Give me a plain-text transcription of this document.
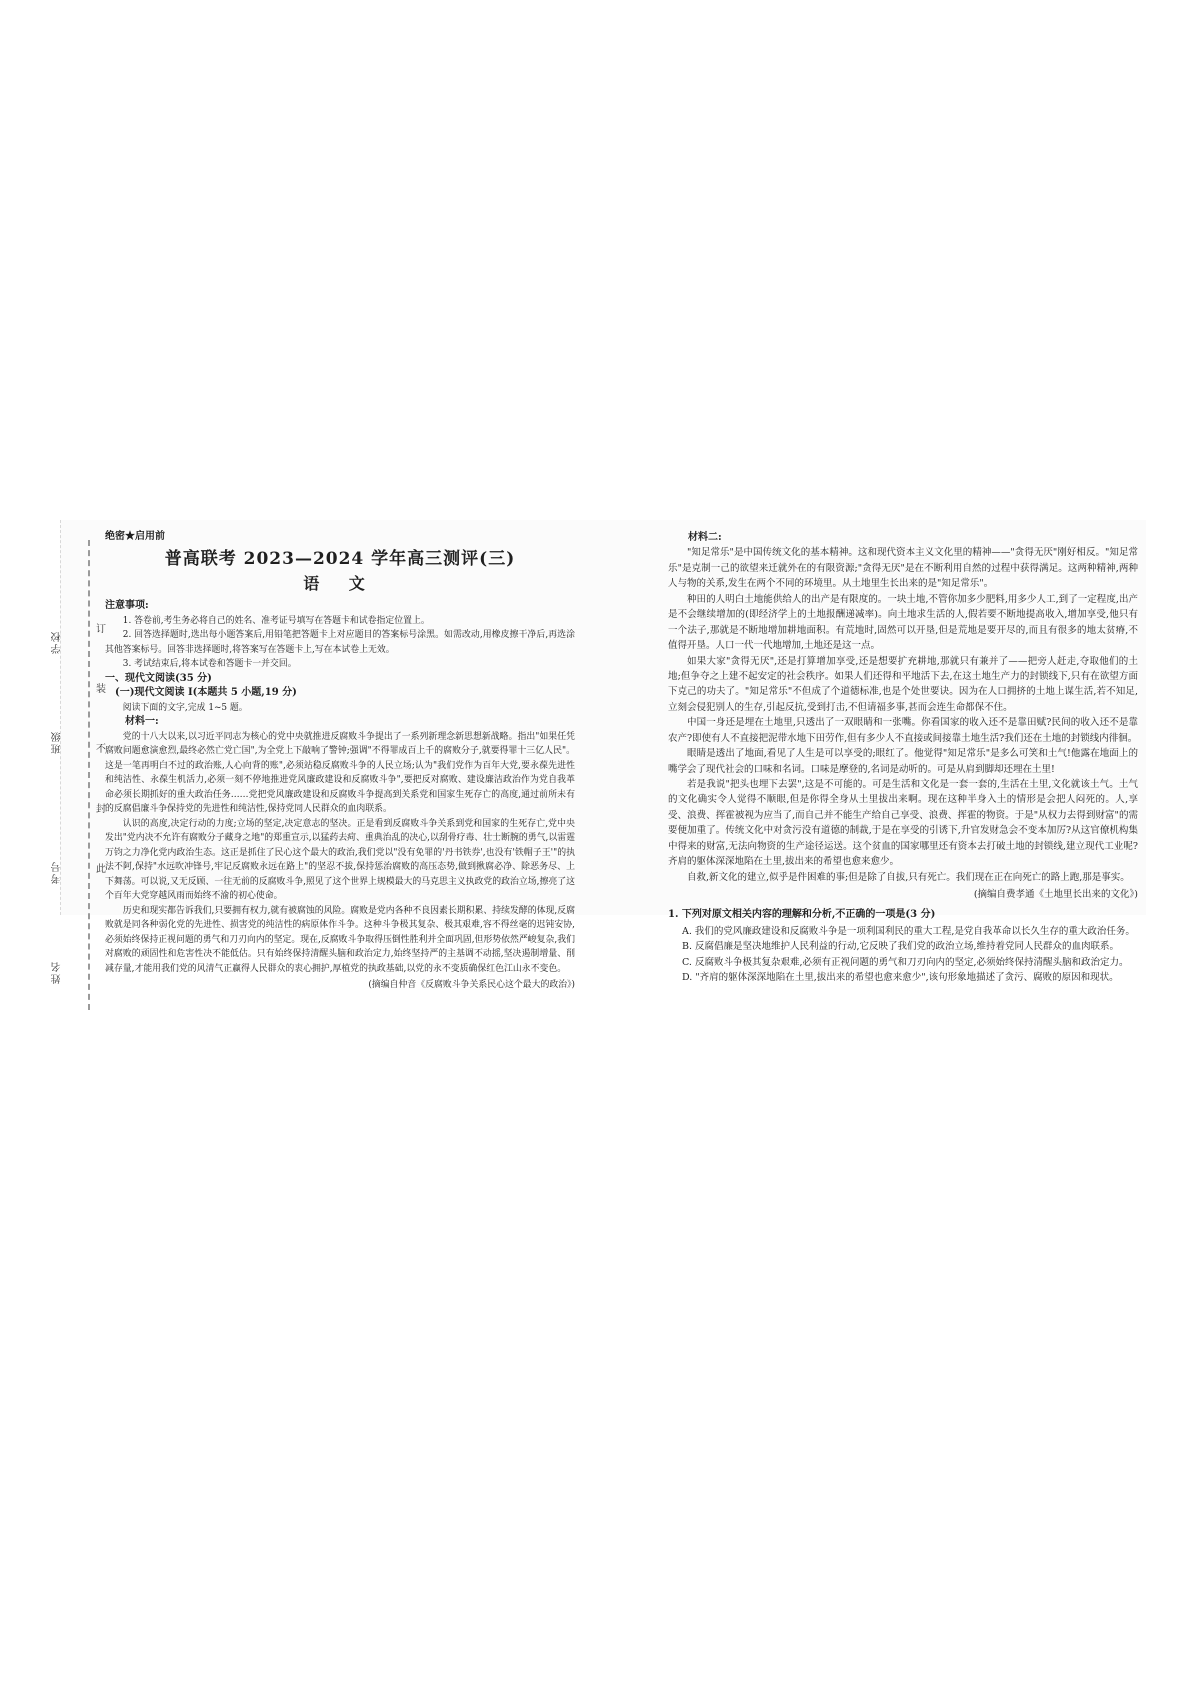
学校
班级
考号
姓名
订
装
不
封
此
绝密★启用前
普高联考 2023—2024 学年高三测评(三)
语 文
注意事项:

1. 答卷前,考生务必将自己的姓名、准考证号填写在答题卡和试卷指定位置上。

2. 回答选择题时,选出每小题答案后,用铅笔把答题卡上对应题目的答案标号涂黑。如需改动,用橡皮擦干净后,再选涂其他答案标号。回答非选择题时,将答案写在答题卡上,写在本试卷上无效。

3. 考试结束后,将本试卷和答题卡一并交回。

一、现代文阅读(35 分)
(一)现代文阅读 I(本题共 5 小题,19 分)

阅读下面的文字,完成 1~5 题。

材料一:

党的十八大以来,以习近平同志为核心的党中央就推进反腐败斗争提出了一系列新理念新思想新战略。指出"如果任凭腐败问题愈演愈烈,最终必然亡党亡国",为全党上下敲响了警钟;强调"不得罪成百上千的腐败分子,就要得罪十三亿人民"。这是一笔再明白不过的政治账,人心向背的账",必须站稳反腐败斗争的人民立场;认为"我们党作为百年大党,要永葆先进性和纯洁性、永葆生机活力,必须一刻不停地推进党风廉政建设和反腐败斗争",要把反对腐败、建设廉洁政治作为党自我革命必须长期抓好的重大政治任务……党把党风廉政建设和反腐败斗争提高到关系党和国家生死存亡的高度,通过前所未有的反腐倡廉斗争保持党的先进性和纯洁性,保持党同人民群众的血肉联系。

认识的高度,决定行动的力度;立场的坚定,决定意志的坚决。正是看到反腐败斗争关系到党和国家的生死存亡,党中央发出"党内决不允许有腐败分子藏身之地"的郑重宣示,以猛药去疴、重典治乱的决心,以刮骨疗毒、壮士断腕的勇气,以雷霆万钧之力净化党内政治生态。这正是抓住了民心这个最大的政治,我们党以"没有免罪的'丹书铁券',也没有'铁帽子王'"的执法不阿,保持"水远吹冲锋号,牢记反腐败永远在路上"的坚忍不拔,保持惩治腐败的高压态势,做到揪腐必净、除恶务尽、上下舞荡。可以说,又无反顾、一往无前的反腐败斗争,照见了这个世界上规模最大的马克思主义执政党的政治立场,擦亮了这个百年大党穿越风雨而始终不渝的初心使命。

历史和现实都告诉我们,只要拥有权力,就有被腐蚀的风险。腐败是党内各种不良因素长期积累、持续发酵的体现,反腐败就是同各种弱化党的先进性、损害党的纯洁性的病原体作斗争。这种斗争极其复杂、极其艰难,容不得丝毫的迟钝安协,必须始终保持正视问题的勇气和刀刃向内的坚定。现在,反腐败斗争取得压倒性胜利并全面巩固,但形势依然严峻复杂,我们对腐败的顽固性和危害性决不能低估。只有始终保持清醒头脑和政治定力,始终坚持严的主基调不动摇,坚决遏制增量、削减存量,才能用我们党的风清气正赢得人民群众的衷心拥护,厚植党的执政基础,以党的永不变质确保红色江山永不变色。

(摘编自仲音《反腐败斗争关系民心这个最大的政治》)

材料二:

"知足常乐"是中国传统文化的基本精神。这和现代资本主义文化里的精神——"贪得无厌"刚好相反。"知足常乐"是克制一己的欲望来迁就外在的有限资源;"贪得无厌"是在不断利用自然的过程中获得满足。这两种精神,两种人与物的关系,发生在两个不同的环境里。从土地里生长出来的是"知足常乐"。

种田的人明白土地能供给人的出产是有限度的。一块土地,不管你加多少肥料,用多少人工,到了一定程度,出产是不会继续增加的(即经济学上的土地报酬递减率)。向土地求生活的人,假若要不断地提高收入,增加享受,他只有一个法子,那就是不断地增加耕地面积。有荒地时,固然可以开垦,但是荒地是要开尽的,而且有很多的地太贫瘠,不值得开垦。人口一代一代地增加,土地还是这一点。

如果大家"贪得无厌",还是打算增加享受,还是想要扩充耕地,那就只有兼并了——把旁人赶走,夺取他们的土地;但争夺之上建不起安定的社会秩序。如果人们还得和平地活下去,在这土地生产力的封锁线下,只有在欲望方面下克己的功夫了。"知足常乐"不但成了个道德标准,也是个处世要诀。因为在人口拥挤的土地上谋生活,若不知足,立刻会侵犯别人的生存,引起反抗,受到打击,不但请福多事,甚而会连生命都保不住。

中国一身还是埋在土地里,只透出了一双眼睛和一张嘴。你看国家的收入还不是靠田赋?民间的收入还不是靠农产?即使有人不直接把泥带水地下田劳作,但有多少人不直接或间接靠土地生活?我们还在土地的封锁线内徘徊。

眼睛是透出了地面,看见了人生是可以享受的;眼红了。他觉得"知足常乐"是多么可笑和土气!他露在地面上的嘴学会了现代社会的口味和名词。口味是摩登的,名词是动听的。可是从肩到脚却还埋在土里!

若是我说"把头也埋下去罢",这是不可能的。可是生活和文化是一套一套的,生活在土里,文化就该土气。土气的文化确实令人觉得不顺眼,但是你得全身从土里拔出来啊。现在这种半身入土的情形是会把人闷死的。人,享受、浪费、挥霍被视为应当了,而自己并不能生产给自己享受、浪费、挥霍的物资。于是"从权力去得到财富"的需要便加重了。传统文化中对贪污没有道德的制裁,于是在享受的引诱下,升官发财急会不变本加厉?从这官僚机构集中得来的财富,无法向物资的生产途径运送。这个贫血的国家哪里还有资本去打破土地的封锁线,建立现代工业呢?齐肩的躯体深深地陷在土里,拔出来的希望也愈来愈少。

自救,新文化的建立,似乎是件困难的事;但是除了自拔,只有死亡。我们现在正在向死亡的路上跑,那是事实。

(摘编自费孝通《土地里长出来的文化》)
1. 下列对原文相关内容的理解和分析,不正确的一项是(3 分)

A. 我们的党风廉政建设和反腐败斗争是一项利国利民的重大工程,是党自我革命以长久生存的重大政治任务。

B. 反腐倡廉是坚决地维护人民利益的行动,它反映了我们党的政治立场,维持着党同人民群众的血肉联系。

C. 反腐败斗争极其复杂艰难,必须有正视问题的勇气和刀刃向内的坚定,必须始终保持清醒头脑和政治定力。

D. "齐肩的躯体深深地陷在土里,拔出来的希望也愈来愈少",该句形象地描述了贪污、腐败的原因和现状。
